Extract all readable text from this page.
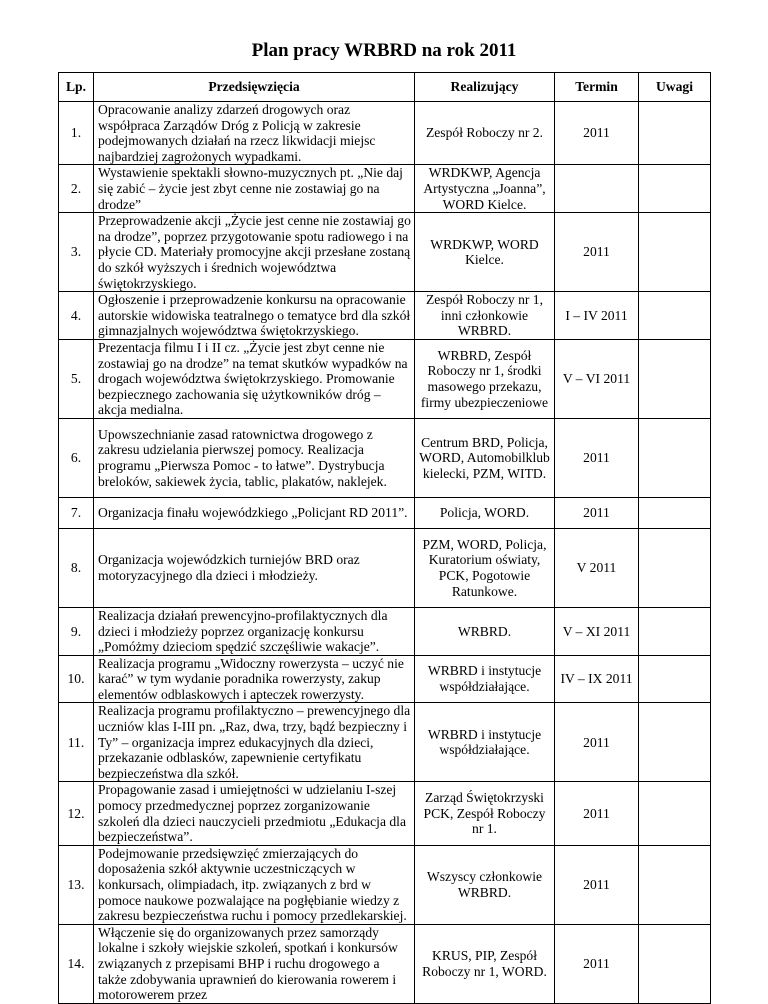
Plan pracy WRBRD na rok 2011
Lp.	Przedsięwzięcia	Realizujący	Termin	Uwagi
1.	Opracowanie analizy zdarzeń drogowych oraz współpraca Zarządów Dróg z Policją w zakresie podejmowanych działań na rzecz likwidacji miejsc najbardziej zagrożonych wypadkami.	Zespół Roboczy nr 2.	2011	
2.	Wystawienie spektakli słowno-muzycznych pt. „Nie daj się zabić – życie jest zbyt cenne nie zostawiaj go na drodze”	WRDKWP, Agencja Artystyczna „Joanna”, WORD Kielce.		
3.	Przeprowadzenie akcji „Życie jest cenne nie zostawiaj go na drodze”, poprzez przygotowanie spotu radiowego i na płycie CD. Materiały promocyjne akcji przesłane zostaną do szkół wyższych i średnich województwa świętokrzyskiego.	WRDKWP, WORD Kielce.	2011	
4.	Ogłoszenie i przeprowadzenie konkursu na opracowanie autorskie widowiska teatralnego o tematyce brd dla szkół gimnazjalnych województwa świętokrzyskiego.	Zespół Roboczy nr 1, inni członkowie WRBRD.	I – IV 2011	
5.	Prezentacja filmu I i II cz. „Życie jest zbyt cenne nie zostawiaj go na drodze” na temat skutków wypadków na drogach województwa świętokrzyskiego. Promowanie bezpiecznego zachowania się użytkowników dróg – akcja medialna.	WRBRD, Zespół Roboczy nr 1, środki masowego przekazu, firmy ubezpieczeniowe	V – VI 2011	
6.	Upowszechnianie zasad ratownictwa drogowego z zakresu udzielania pierwszej pomocy. Realizacja programu „Pierwsza Pomoc - to łatwe”. Dystrybucja breloków, sakiewek życia, tablic, plakatów, naklejek.	Centrum BRD, Policja, WORD, Automobilklub kielecki, PZM, WITD.	2011	
7.	Organizacja finału wojewódzkiego „Policjant RD 2011”.	Policja, WORD.	2011	
8.	Organizacja wojewódzkich turniejów BRD oraz motoryzacyjnego dla dzieci i młodzieży.	PZM, WORD, Policja, Kuratorium oświaty, PCK, Pogotowie Ratunkowe.	V 2011	
9.	Realizacja działań prewencyjno-profilaktycznych dla dzieci i młodzieży poprzez organizację konkursu „Pomóżmy dzieciom spędzić szczęśliwie wakacje”.	WRBRD.	V – XI 2011	
10.	Realizacja programu „Widoczny rowerzysta – uczyć nie karać” w tym wydanie poradnika rowerzysty, zakup elementów odblaskowych i apteczek rowerzysty.	WRBRD i instytucje współdziałające.	IV – IX 2011	
11.	Realizacja programu profilaktyczno – prewencyjnego dla uczniów klas I-III pn. „Raz, dwa, trzy, bądź bezpieczny i Ty” – organizacja imprez edukacyjnych dla dzieci, przekazanie odblasków, zapewnienie certyfikatu bezpieczeństwa dla szkół.	WRBRD i instytucje współdziałające.	2011	
12.	Propagowanie zasad i umiejętności w udzielaniu I-szej pomocy przedmedycznej poprzez zorganizowanie szkoleń dla dzieci nauczycieli przedmiotu „Edukacja dla bezpieczeństwa”.	Zarząd Świętokrzyski PCK, Zespół Roboczy nr 1.	2011	
13.	Podejmowanie przedsięwzięć zmierzających do doposażenia szkół aktywnie uczestniczących w konkursach, olimpiadach, itp. związanych z brd w pomoce naukowe pozwalające na pogłębianie wiedzy z zakresu bezpieczeństwa ruchu i pomocy przedlekarskiej.	Wszyscy członkowie WRBRD.	2011	
14.	Włączenie się do organizowanych przez samorządy lokalne i szkoły wiejskie szkoleń, spotkań i konkursów związanych z przepisami BHP i ruchu drogowego a także zdobywania uprawnień do kierowania rowerem i motorowerem przez	KRUS, PIP, Zespół Roboczy nr 1, WORD.	2011	
